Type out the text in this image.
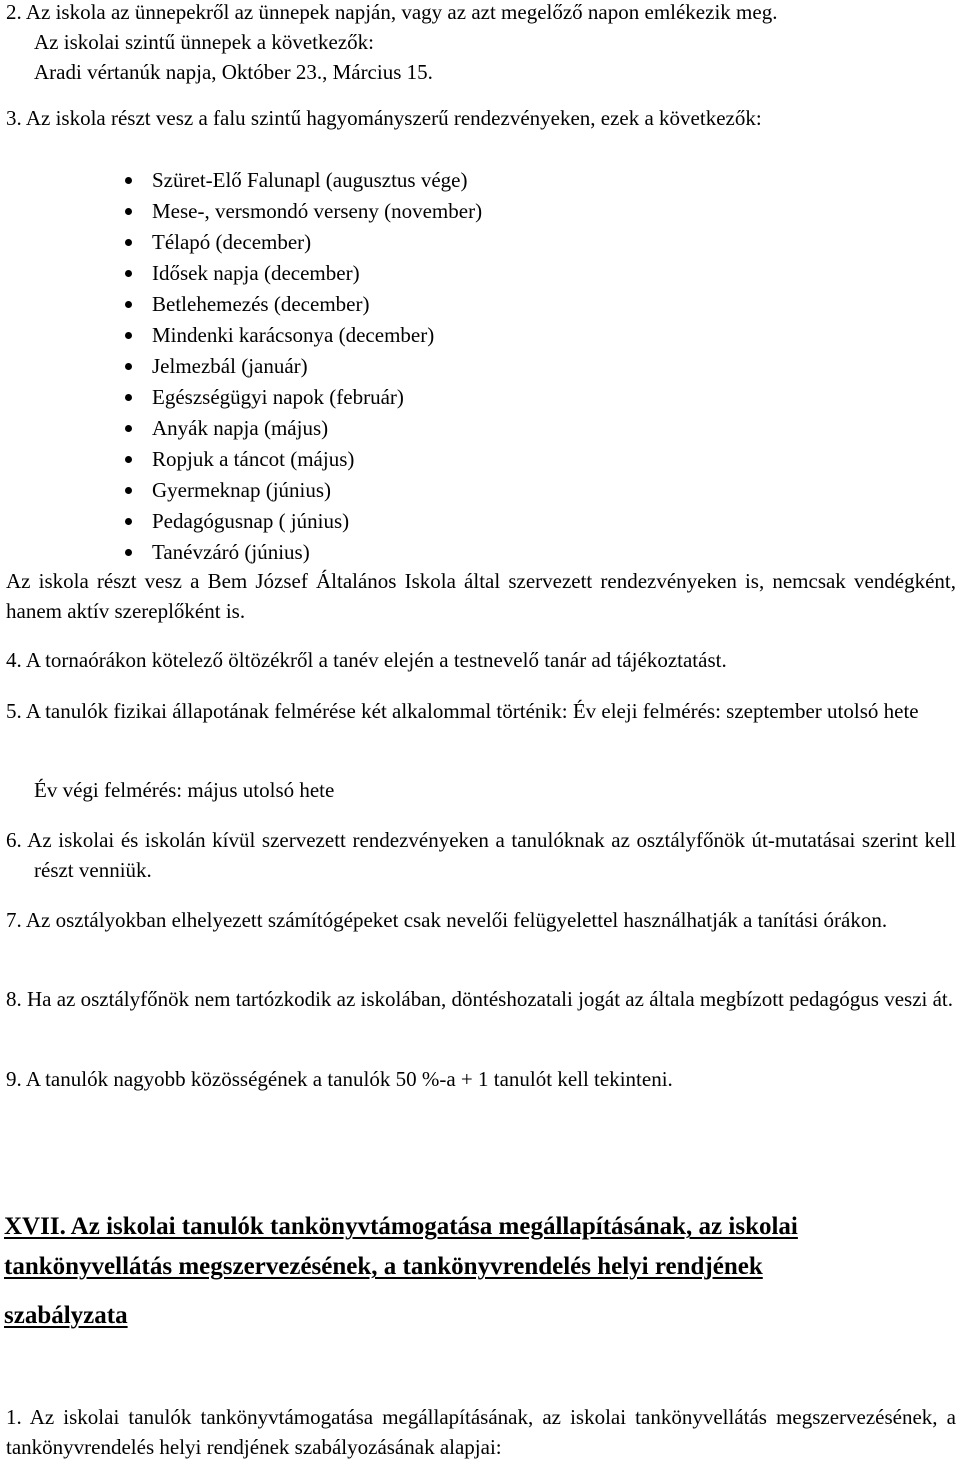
2. Az iskola az ünnepekről az ünnepek napján, vagy az azt megelőző napon emlékezik meg.
Az iskolai szintű ünnepek a következők:
Aradi vértanúk napja, Október 23., Március 15.
3. Az iskola részt vesz a falu szintű hagyományszerű rendezvényeken, ezek a következők:
Szüret-Elő Falunapl (augusztus vége)
Mese-, versmondó verseny (november)
Télapó (december)
Idősek napja (december)
Betlehemezés (december)
Mindenki karácsonya (december)
Jelmezbál (január)
Egészségügyi napok (február)
Anyák napja (május)
Ropjuk a táncot (május)
Gyermeknap (június)
Pedagógusnap ( június)
Tanévzáró (június)
Az iskola részt vesz a Bem József Általános Iskola által szervezett rendezvényeken is, nemcsak vendégként, hanem aktív szereplőként is.
4. A tornaórákon kötelező öltözékről a tanév elején a testnevelő tanár ad tájékoztatást.
5. A tanulók fizikai állapotának felmérése két alkalommal történik: Év eleji felmérés: szeptember utolsó hete
Év végi felmérés: május utolsó hete
6. Az iskolai és iskolán kívül szervezett rendezvényeken a tanulóknak az osztályfőnök út-mutatásai szerint kell részt venniük.
7. Az osztályokban elhelyezett számítógépeket csak nevelői felügyelettel használhatják a tanítási órákon.
8. Ha az osztályfőnök nem tartózkodik az iskolában, döntéshozatali jogát az általa megbízott pedagógus veszi át.
9. A tanulók nagyobb közösségének a tanulók 50 %-a + 1 tanulót kell tekinteni.
XVII. Az iskolai tanulók tankönyvtámogatása megállapításának, az iskolai
tankönyvellátás megszervezésének, a tankönyvrendelés helyi rendjének
szabályzata
1. Az iskolai tanulók tankönyvtámogatása megállapításának, az iskolai tankönyvellátás megszervezésének, a tankönyvrendelés helyi rendjének szabályozásának alapjai:
